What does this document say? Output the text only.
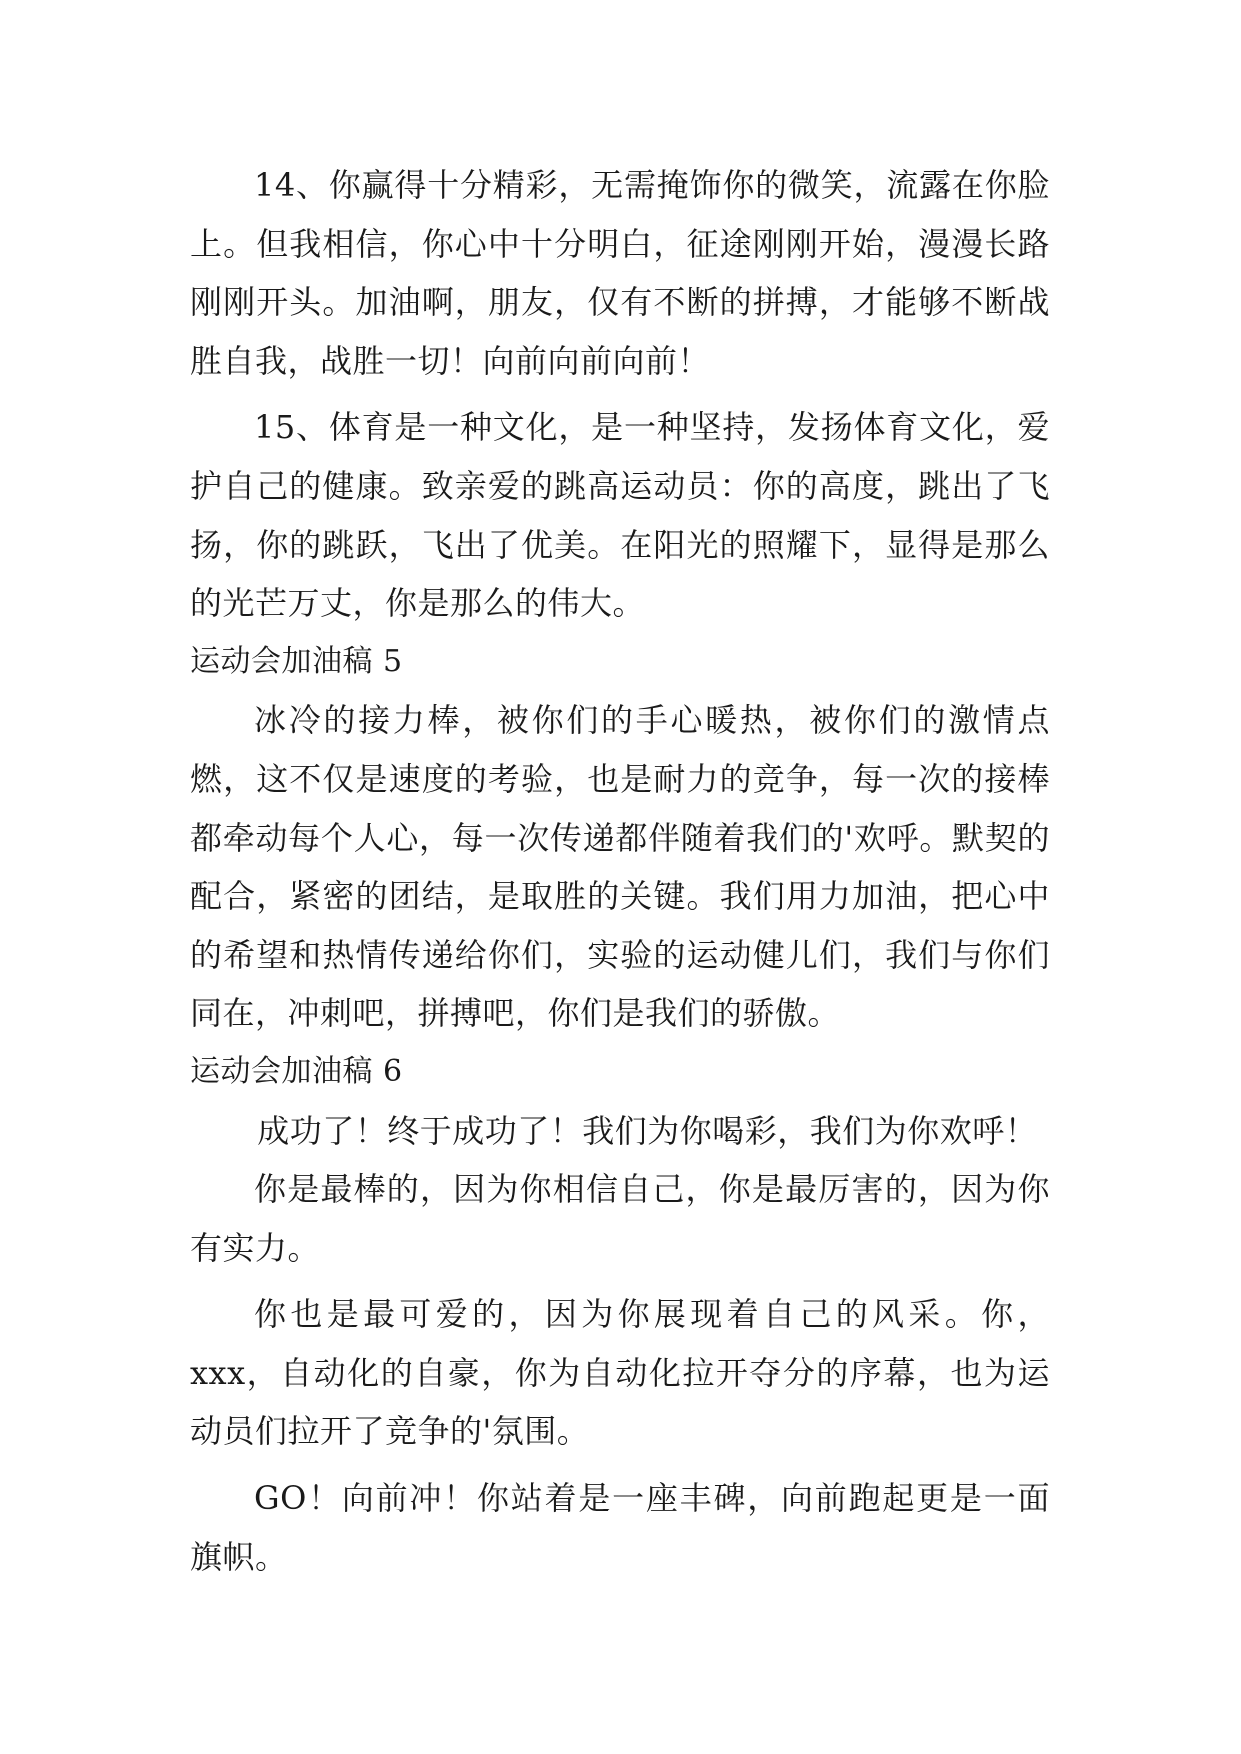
14、你赢得十分精彩，无需掩饰你的微笑，流露在你脸上。但我相信，你心中十分明白，征途刚刚开始，漫漫长路刚刚开头。加油啊，朋友，仅有不断的拼搏，才能够不断战胜自我，战胜一切！向前向前向前！

15、体育是一种文化，是一种坚持，发扬体育文化，爱护自己的健康。致亲爱的跳高运动员：你的高度，跳出了飞扬，你的跳跃，飞出了优美。在阳光的照耀下，显得是那么的光芒万丈，你是那么的伟大。

运动会加油稿 5

冰冷的接力棒，被你们的手心暖热，被你们的激情点燃，这不仅是速度的考验，也是耐力的竞争，每一次的接棒都牵动每个人心，每一次传递都伴随着我们的'欢呼。默契的配合，紧密的团结，是取胜的关键。我们用力加油，把心中的希望和热情传递给你们，实验的运动健儿们，我们与你们同在，冲刺吧，拼搏吧，你们是我们的骄傲。

运动会加油稿 6

成功了！终于成功了！我们为你喝彩，我们为你欢呼！

你是最棒的，因为你相信自己，你是最厉害的，因为你有实力。

你也是最可爱的，因为你展现着自己的风采。你，xxx，自动化的自豪，你为自动化拉开夺分的序幕，也为运动员们拉开了竞争的'氛围。

GO！向前冲！你站着是一座丰碑，向前跑起更是一面旗帜。
